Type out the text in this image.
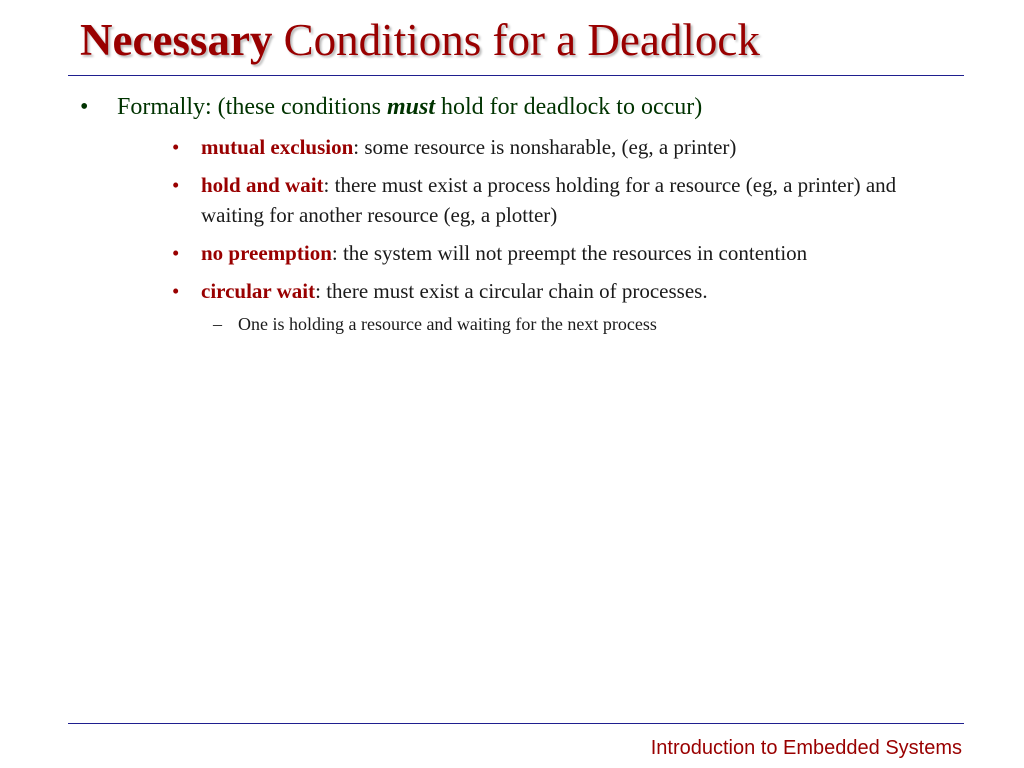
Necessary Conditions for a Deadlock
• Formally: (these conditions must hold for deadlock to occur)
• mutual exclusion: some resource is nonsharable, (eg, a printer)
• hold and wait: there must exist a process holding for a resource (eg, a printer) and waiting for another resource (eg, a plotter)
• no preemption: the system will not preempt the resources in contention
• circular wait: there must exist a circular chain of processes.
– One is holding a resource and waiting for the next process
Introduction to Embedded Systems
